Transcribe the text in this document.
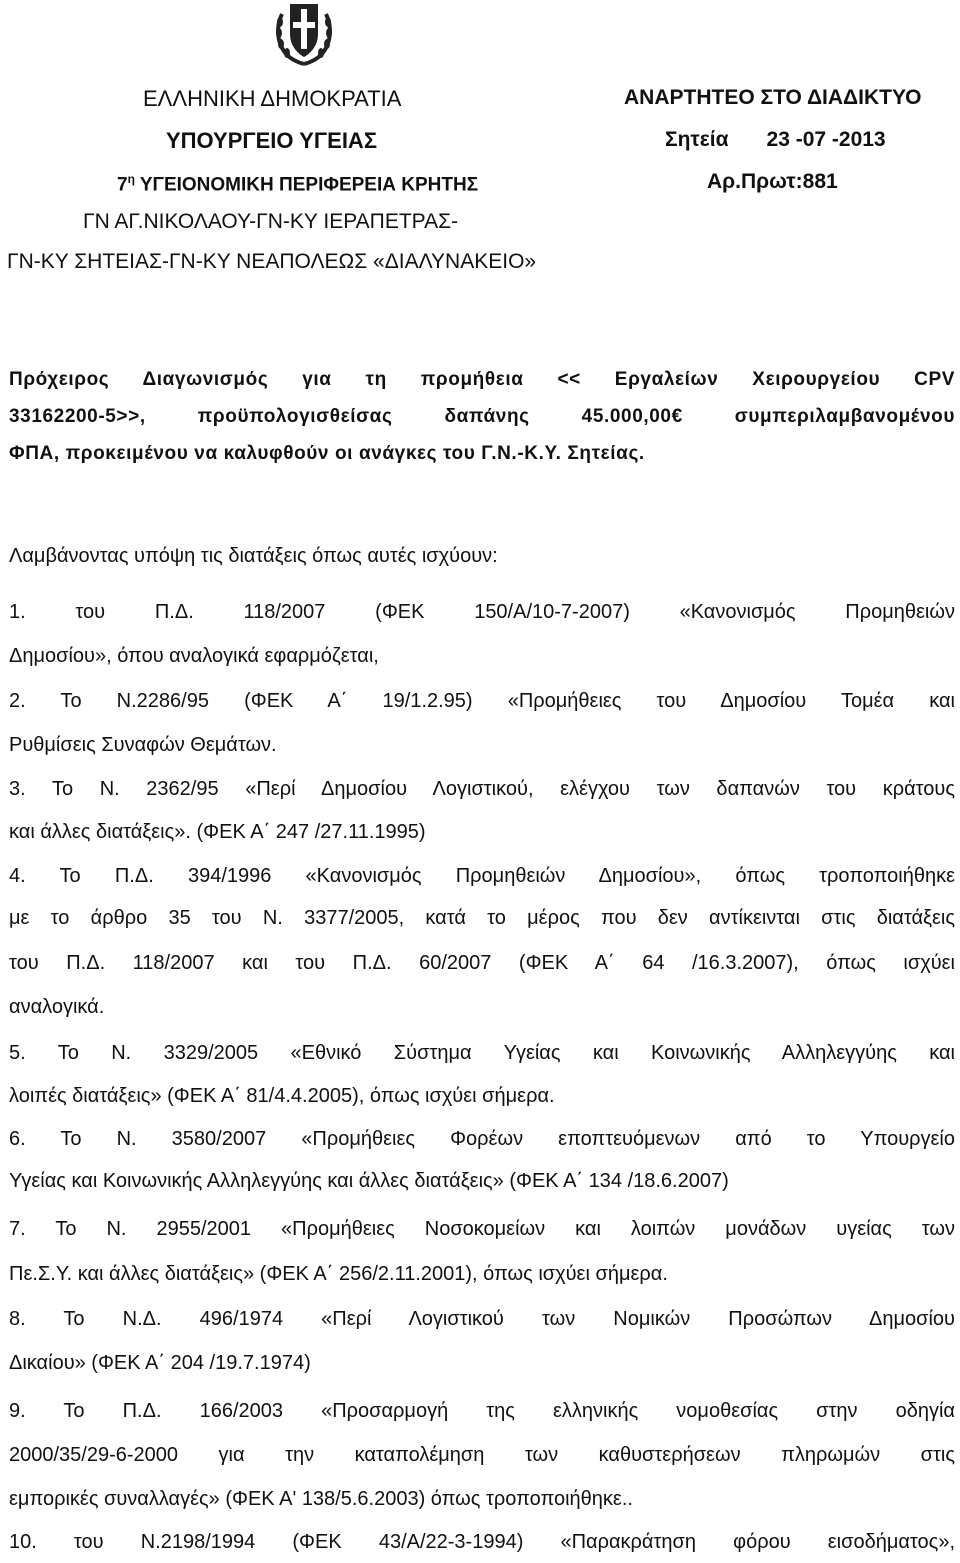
ΕΛΛΗΝΙΚΗ ΔΗΜΟΚΡΑΤΙΑ
ΥΠΟΥΡΓΕΙΟ ΥΓΕΙΑΣ
$7^\eta$ ΥΓΕΙΟΝΟΜΙΚΗ ΠΕΡΙΦΕΡΕΙΑ ΚΡΗΤΗΣ
ΓΝ ΑΓ.ΝΙΚΟΛΑΟΥ-ΓΝ-ΚΥ ΙΕΡΑΠΕΤΡΑΣ-
ΓΝ-ΚΥ ΣΗΤΕΙΑΣ-ΓΝ-ΚΥ ΝΕΑΠΟΛΕΩΣ «ΔΙΑΛΥΝΑΚΕΙΟ»
ΑΝΑΡΤΗΤΕΟ ΣΤΟ ΔΙΑΔΙΚΤΥΟ
Σητεία 23 -07 -2013
Αρ.Πρωτ:881
Πρόχειρος Διαγωνισμός για τη προμήθεια << Εργαλείων Χειρουργείου CPV
33162200-5>>, προϋπολογισθείσας δαπάνης 45.000,00€ συμπεριλαμβανομένου
ΦΠΑ, προκειμένου να καλυφθούν οι ανάγκες του Γ.Ν.-Κ.Υ. Σητείας.
Λαμβάνοντας υπόψη τις διατάξεις όπως αυτές ισχύουν:
1. του Π.Δ. 118/2007 (ΦΕΚ 150/Α/10-7-2007) «Κανονισμός Προμηθειών
Δημοσίου», όπου αναλογικά εφαρμόζεται,
2. Το Ν.2286/95 (ΦΕΚ Α΄ 19/1.2.95) «Προμήθειες του Δημοσίου Τομέα και
Ρυθμίσεις Συναφών Θεμάτων.
3. Το Ν. 2362/95 «Περί Δημοσίου Λογιστικού, ελέγχου των δαπανών του κράτους
και άλλες διατάξεις». (ΦΕΚ Α΄ 247 /27.11.1995)
4. Το Π.Δ. 394/1996 «Κανονισμός Προμηθειών Δημοσίου», όπως τροποποιήθηκε
με το άρθρο 35 του Ν. 3377/2005, κατά το μέρος που δεν αντίκεινται στις διατάξεις
του Π.Δ. 118/2007 και του Π.Δ. 60/2007 (ΦΕΚ Α΄ 64 /16.3.2007), όπως ισχύει
αναλογικά.
5. Το Ν. 3329/2005 «Εθνικό Σύστημα Υγείας και Κοινωνικής Αλληλεγγύης και
λοιπές διατάξεις» (ΦΕΚ Α΄ 81/4.4.2005), όπως ισχύει σήμερα.
6. Το Ν. 3580/2007 «Προμήθειες Φορέων εποπτευόμενων από το Υπουργείο
Υγείας και Κοινωνικής Αλληλεγγύης και άλλες διατάξεις» (ΦΕΚ Α΄ 134 /18.6.2007)
7. Το Ν. 2955/2001 «Προμήθειες Νοσοκομείων και λοιπών μονάδων υγείας των
Πε.Σ.Υ. και άλλες διατάξεις» (ΦΕΚ Α΄ 256/2.11.2001), όπως ισχύει σήμερα.
8. Το Ν.Δ. 496/1974 «Περί Λογιστικού των Νομικών Προσώπων Δημοσίου
Δικαίου» (ΦΕΚ Α΄ 204 /19.7.1974)
9. Το Π.Δ. 166/2003 «Προσαρμογή της ελληνικής νομοθεσίας στην οδηγία
2000/35/29-6-2000 για την καταπολέμηση των καθυστερήσεων πληρωμών στις
εμπορικές συναλλαγές» (ΦΕΚ Α' 138/5.6.2003) όπως τροποποιήθηκε..
10. του Ν.2198/1994 (ΦΕΚ 43/Α/22-3-1994) «Παρακράτηση φόρου εισοδήματος»,
